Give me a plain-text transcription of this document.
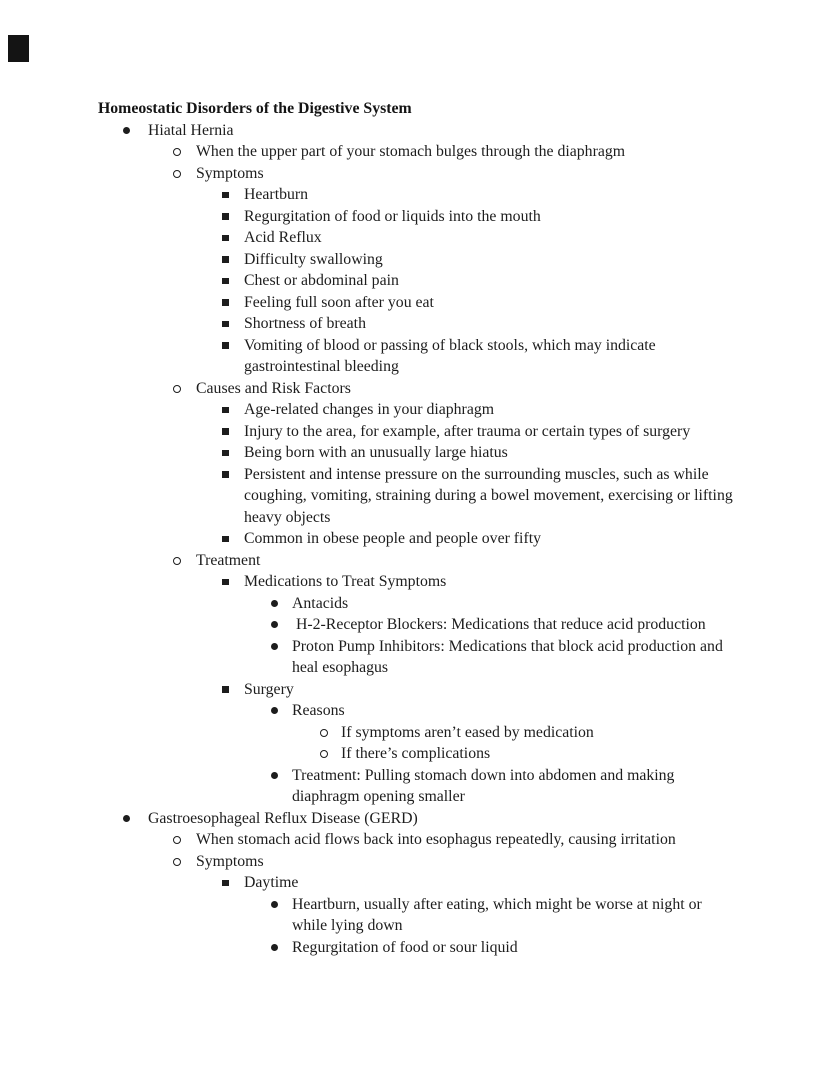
Homeostatic Disorders of the Digestive System
Hiatal Hernia
When the upper part of your stomach bulges through the diaphragm
Symptoms
Heartburn
Regurgitation of food or liquids into the mouth
Acid Reflux
Difficulty swallowing
Chest or abdominal pain
Feeling full soon after you eat
Shortness of breath
Vomiting of blood or passing of black stools, which may indicate gastrointestinal bleeding
Causes and Risk Factors
Age-related changes in your diaphragm
Injury to the area, for example, after trauma or certain types of surgery
Being born with an unusually large hiatus
Persistent and intense pressure on the surrounding muscles, such as while coughing, vomiting, straining during a bowel movement, exercising or lifting heavy objects
Common in obese people and people over fifty
Treatment
Medications to Treat Symptoms
Antacids
H-2-Receptor Blockers: Medications that reduce acid production
Proton Pump Inhibitors: Medications that block acid production and heal esophagus
Surgery
Reasons
If symptoms aren’t eased by medication
If there’s complications
Treatment: Pulling stomach down into abdomen and making diaphragm opening smaller
Gastroesophageal Reflux Disease (GERD)
When stomach acid flows back into esophagus repeatedly, causing irritation
Symptoms
Daytime
Heartburn, usually after eating, which might be worse at night or while lying down
Regurgitation of food or sour liquid
